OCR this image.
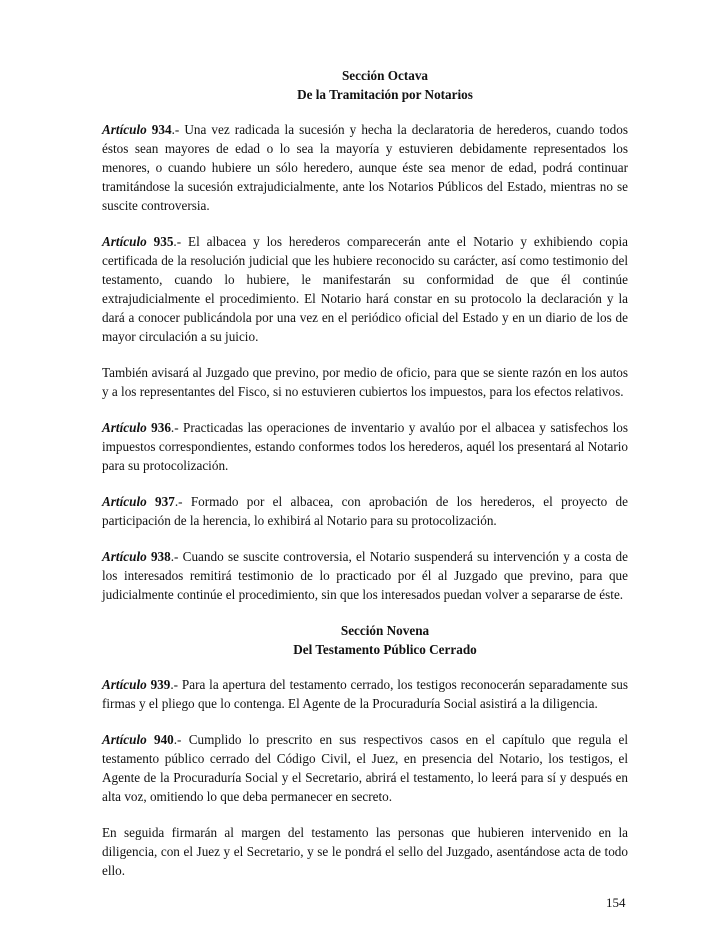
Sección Octava
De la Tramitación por Notarios

Artículo 934.- Una vez radicada la sucesión y hecha la declaratoria de herederos, cuando todos éstos sean mayores de edad o lo sea la mayoría y estuvieren debidamente representados los menores, o cuando hubiere un sólo heredero, aunque éste sea menor de edad, podrá continuar tramitándose la sucesión extrajudicialmente, ante los Notarios Públicos del Estado, mientras no se suscite controversia.

Artículo 935.- El albacea y los herederos comparecerán ante el Notario y exhibiendo copia certificada de la resolución judicial que les hubiere reconocido su carácter, así como testimonio del testamento, cuando lo hubiere, le manifestarán su conformidad de que él continúe extrajudicialmente el procedimiento. El Notario hará constar en su protocolo la declaración y la dará a conocer publicándola por una vez en el periódico oficial del Estado y en un diario de los de mayor circulación a su juicio.

También avisará al Juzgado que previno, por medio de oficio, para que se siente razón en los autos y a los representantes del Fisco, si no estuvieren cubiertos los impuestos, para los efectos relativos.

Artículo 936.- Practicadas las operaciones de inventario y avalúo por el albacea y satisfechos los impuestos correspondientes, estando conformes todos los herederos, aquél los presentará al Notario para su protocolización.

Artículo 937.- Formado por el albacea, con aprobación de los herederos, el proyecto de participación de la herencia, lo exhibirá al Notario para su protocolización.

Artículo 938.- Cuando se suscite controversia, el Notario suspenderá su intervención y a costa de los interesados remitirá testimonio de lo practicado por él al Juzgado que previno, para que judicialmente continúe el procedimiento, sin que los interesados puedan volver a separarse de éste.

Sección Novena
Del Testamento Público Cerrado

Artículo 939.- Para la apertura del testamento cerrado, los testigos reconocerán separadamente sus firmas y el pliego que lo contenga. El Agente de la Procuraduría Social asistirá a la diligencia.

Artículo 940.- Cumplido lo prescrito en sus respectivos casos en el capítulo que regula el testamento público cerrado del Código Civil, el Juez, en presencia del Notario, los testigos, el Agente de la Procuraduría Social y el Secretario, abrirá el testamento, lo leerá para sí y después en alta voz, omitiendo lo que deba permanecer en secreto.

En seguida firmarán al margen del testamento las personas que hubieren intervenido en la diligencia, con el Juez y el Secretario, y se le pondrá el sello del Juzgado, asentándose acta de todo ello.

154
